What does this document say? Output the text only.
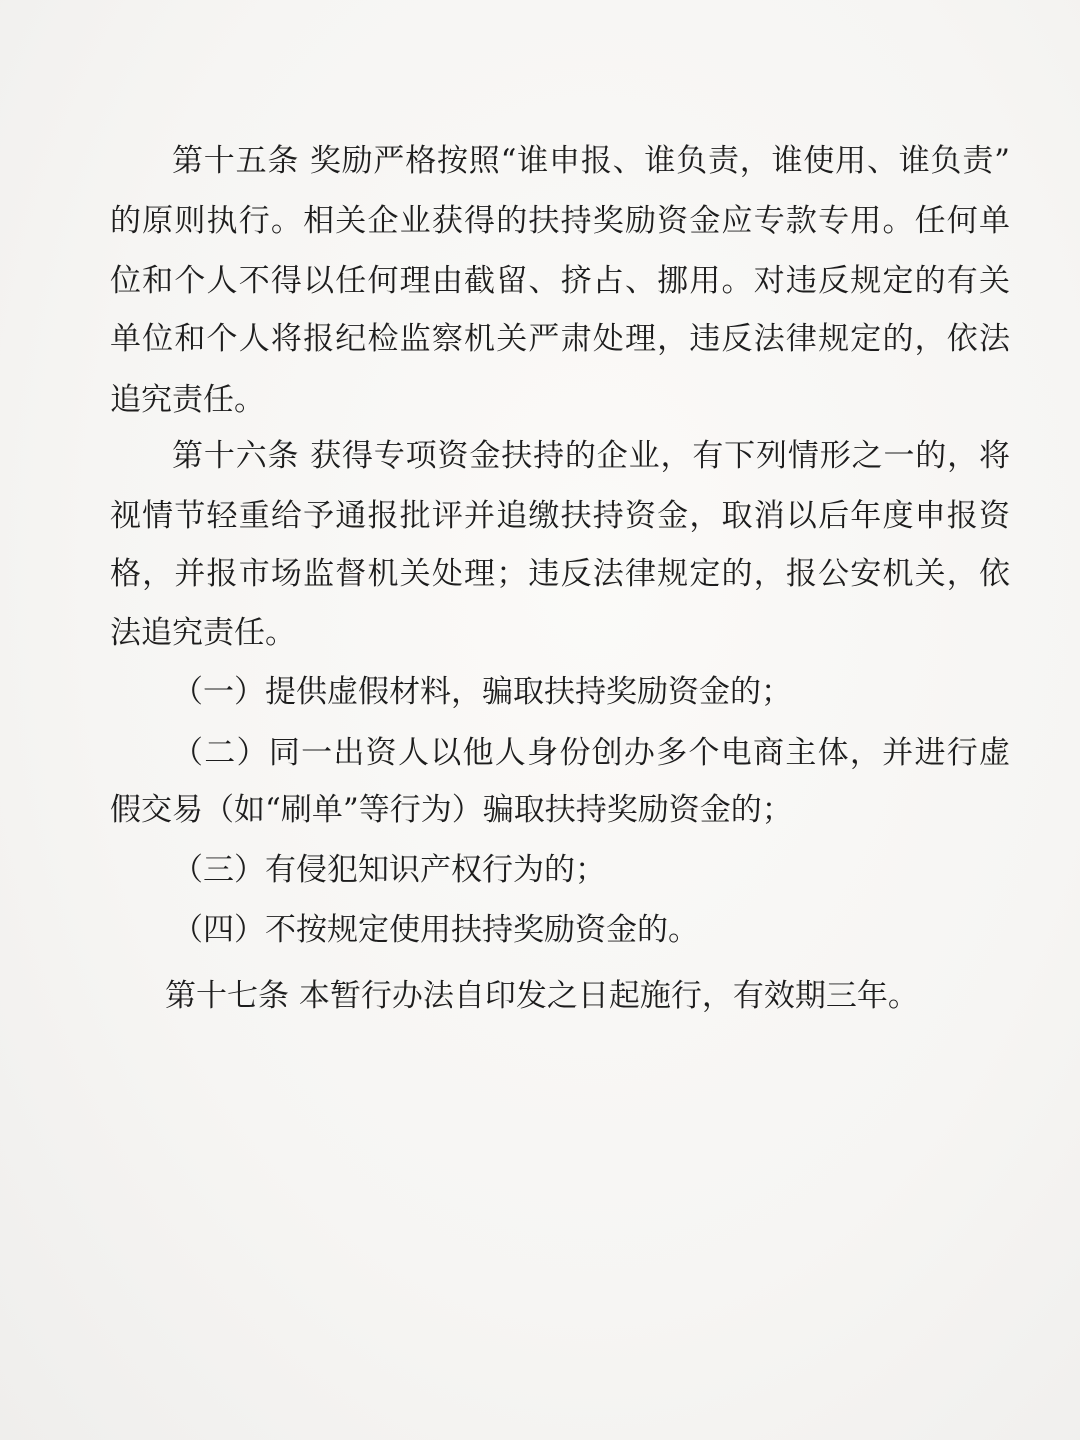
第十五条 奖励严格按照“谁申报、谁负责，谁使用、谁负责”
的原则执行。相关企业获得的扶持奖励资金应专款专用。任何单
位和个人不得以任何理由截留、挤占、挪用。对违反规定的有关
单位和个人将报纪检监察机关严肃处理，违反法律规定的，依法
追究责任。
第十六条 获得专项资金扶持的企业，有下列情形之一的，将
视情节轻重给予通报批评并追缴扶持资金，取消以后年度申报资
格，并报市场监督机关处理；违反法律规定的，报公安机关，依
法追究责任。
（一）提供虚假材料，骗取扶持奖励资金的；
（二）同一出资人以他人身份创办多个电商主体，并进行虚
假交易（如“刷单”等行为）骗取扶持奖励资金的；
（三）有侵犯知识产权行为的；
（四）不按规定使用扶持奖励资金的。
第十七条 本暂行办法自印发之日起施行，有效期三年。
